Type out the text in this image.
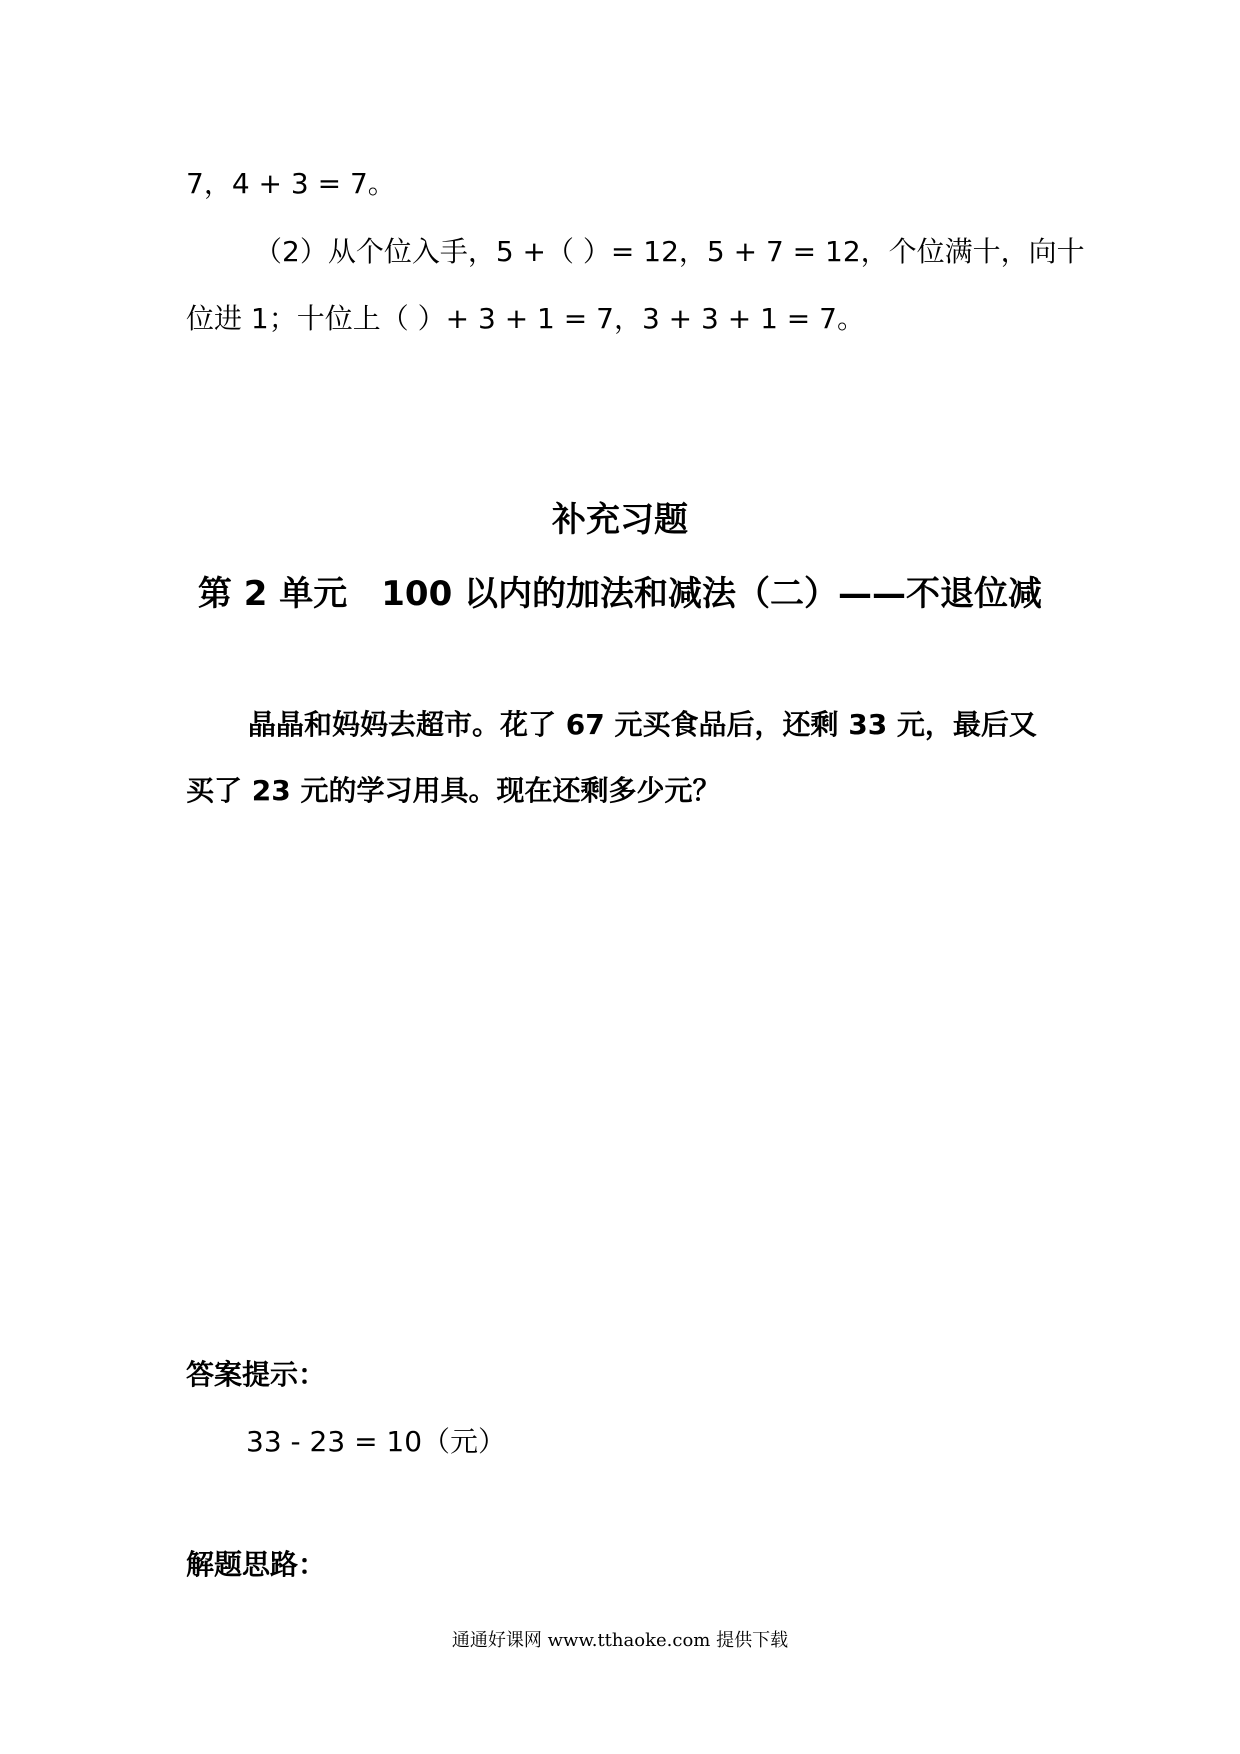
7，4 + 3 = 7。
（2）从个位入手，5 +（ ）= 12，5 + 7 = 12，个位满十，向十
位进 1；十位上（ ）+ 3 + 1 = 7，3 + 3 + 1 = 7。
补充习题
第 2 单元　100 以内的加法和减法（二）——不退位减
晶晶和妈妈去超市。花了 67 元买食品后，还剩 33 元，最后又
买了 23 元的学习用具。现在还剩多少元？
答案提示：
33 - 23 = 10（元）
解题思路：
通通好课网 www.tthaoke.com 提供下载
